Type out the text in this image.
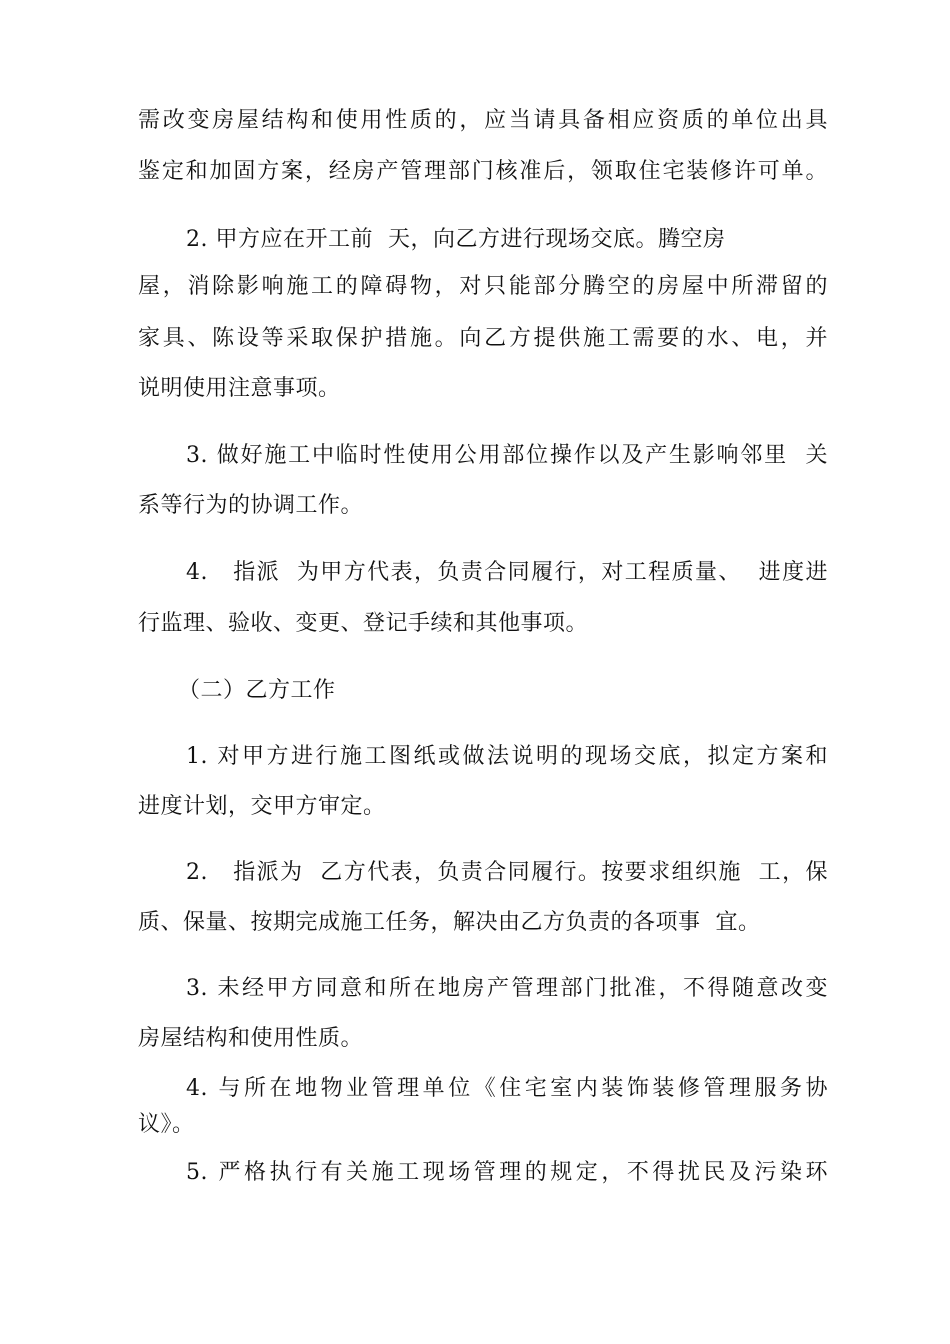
需改变房屋结构和使用性质的，应当请具备相应资质的单位出具
鉴定和加固方案，经房产管理部门核准后，领取住宅装修许可单。
2. 甲方应在开工前  天，向乙方进行现场交底。腾空房
屋，消除影响施工的障碍物，对只能部分腾空的房屋中所滞留的
家具、陈设等采取保护措施。向乙方提供施工需要的水、电，并
说明使用注意事项。
3. 做好施工中临时性使用公用部位操作以及产生影响邻里  关
系等行为的协调工作。
4.   指派  为甲方代表，负责合同履行，对工程质量、  进度进
行监理、验收、变更、登记手续和其他事项。
（二）乙方工作
1. 对甲方进行施工图纸或做法说明的现场交底，拟定方案和
进度计划，交甲方审定。
2.   指派为  乙方代表，负责合同履行。按要求组织施  工，保
质、保量、按期完成施工任务，解决由乙方负责的各项事  宜。
3. 未经甲方同意和所在地房产管理部门批准，不得随意改变
房屋结构和使用性质。
4. 与所在地物业管理单位《住宅室内装饰装修管理服务协
议》。
5. 严格执行有关施工现场管理的规定，不得扰民及污染环
